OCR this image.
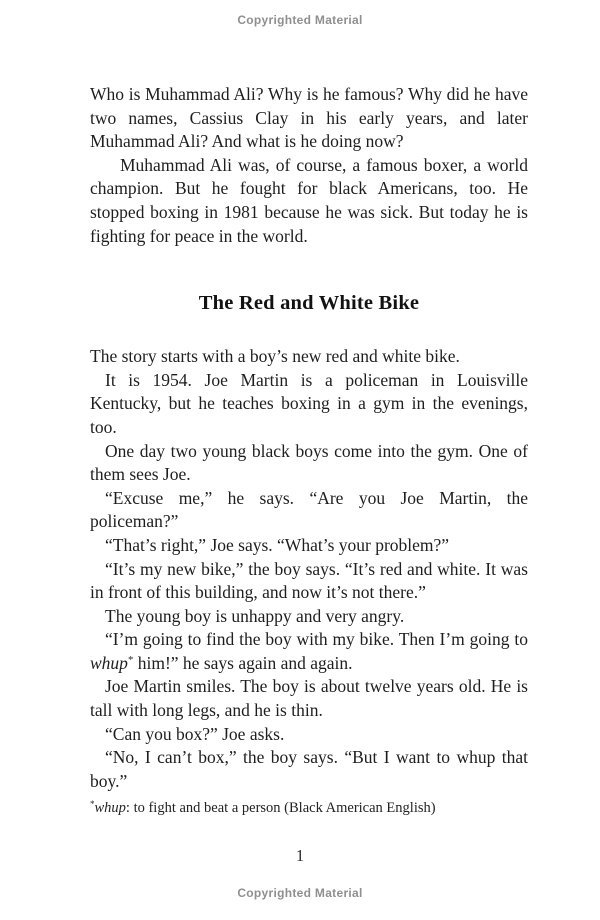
Copyrighted Material

Who is Muhammad Ali? Why is he famous? Why did he have two names, Cassius Clay in his early years, and later Muhammad Ali? And what is he doing now?

Muhammad Ali was, of course, a famous boxer, a world champion. But he fought for black Americans, too. He stopped boxing in 1981 because he was sick. But today he is fighting for peace in the world.

The Red and White Bike

The story starts with a boy’s new red and white bike.

It is 1954. Joe Martin is a policeman in Louisville Kentucky, but he teaches boxing in a gym in the evenings, too.

One day two young black boys come into the gym. One of them sees Joe.

“Excuse me,” he says. “Are you Joe Martin, the policeman?”

“That’s right,” Joe says. “What’s your problem?”

“It’s my new bike,” the boy says. “It’s red and white. It was in front of this building, and now it’s not there.”

The young boy is unhappy and very angry.

“I’m going to find the boy with my bike. Then I’m going to whup* him!” he says again and again.

Joe Martin smiles. The boy is about twelve years old. He is tall with long legs, and he is thin.

“Can you box?” Joe asks.

“No, I can’t box,” the boy says. “But I want to whup that boy.”

*whup: to fight and beat a person (Black American English)

1
Copyrighted Material
